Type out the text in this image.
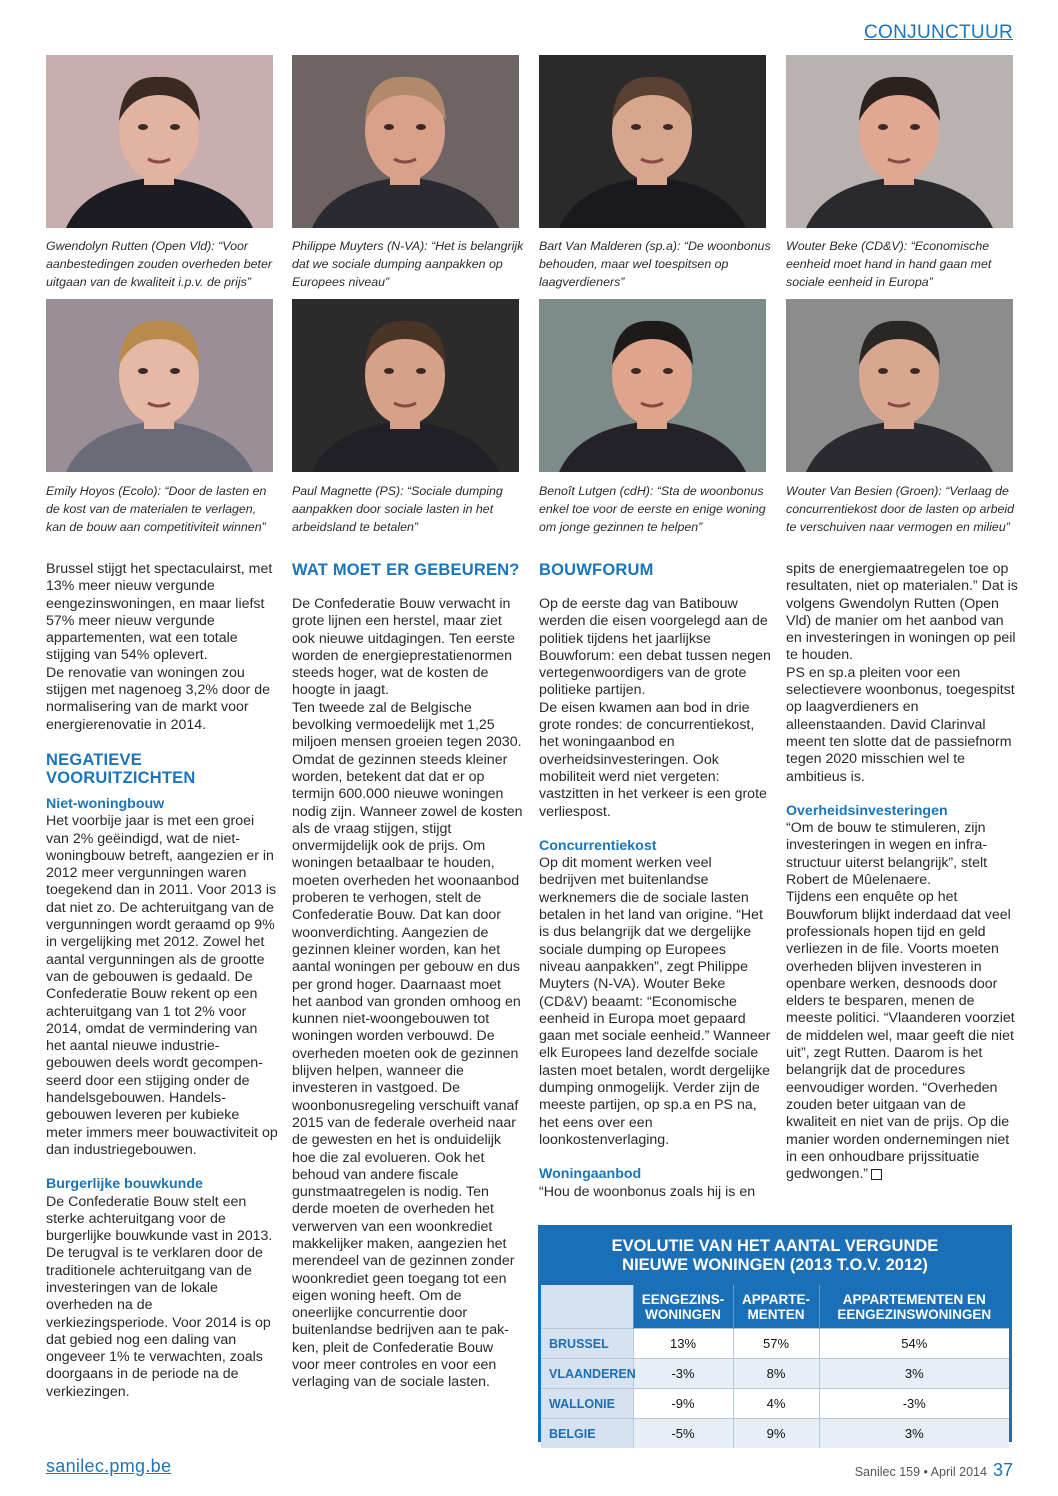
CONJUNCTUUR
Gwendolyn Rutten (Open Vld): “Voor aanbestedingen zouden overheden beter uitgaan van de kwaliteit i.p.v. de prijs”
Philippe Muyters (N-VA): “Het is belangrijk dat we sociale dumping aanpakken op Europees niveau”
Bart Van Malderen (sp.a): “De woonbonus behouden, maar wel toespitsen op laagverdieners”
Wouter Beke (CD&V): “Economische eenheid moet hand in hand gaan met sociale eenheid in Europa”
Emily Hoyos (Ecolo): “Door de lasten en de kost van de materialen te verlagen, kan de bouw aan competitiviteit winnen”
Paul Magnette (PS): “Sociale dumping aanpakken door sociale lasten in het arbeidsland te betalen”
Benoît Lutgen (cdH): “Sta de woonbonus enkel toe voor de eerste en enige woning om jonge gezinnen te helpen”
Wouter Van Besien (Groen): “Verlaag de concurrentiekost door de lasten op arbeid te verschuiven naar vermogen en milieu”

Brussel stijgt het spectaculairst, met 13% meer nieuw vergunde eengezinswoningen, en maar liefst 57% meer nieuw vergunde appartementen, wat een totale stijging van 54% oplevert.

De renovatie van woningen zou stijgen met nagenoeg 3,2% door de normalisering van de markt voor energierenovatie in 2014.

NEGATIEVE VOORUITZICHTEN
Niet-woningbouw

Het voorbije jaar is met een groei van 2% geëindigd, wat de niet-woningbouw betreft, aangezien er in 2012 meer vergunningen waren toegekend dan in 2011. Voor 2013 is dat niet zo. De achteruitgang van de vergunningen wordt geraamd op 9% in vergelijking met 2012. Zowel het aantal vergunningen als de grootte van de gebouwen is gedaald. De Confederatie Bouw rekent op een achteruitgang van 1 tot 2% voor 2014, omdat de vermindering van het aantal nieuwe industrie-gebouwen deels wordt gecompen-seerd door een stijging onder de handelsgebouwen. Handels-gebouwen leveren per kubieke meter immers meer bouwactiviteit op dan industriegebouwen.

Burgerlijke bouwkunde

De Confederatie Bouw stelt een sterke achteruitgang voor de burgerlijke bouwkunde vast in 2013. De terugval is te verklaren door de traditionele achteruitgang van de investeringen van de lokale overheden na de verkiezingsperiode. Voor 2014 is op dat gebied nog een daling van ongeveer 1% te verwachten, zoals doorgaans in de periode na de verkiezingen.

WAT MOET ER GEBEUREN?

De Confederatie Bouw verwacht in grote lijnen een herstel, maar ziet ook nieuwe uitdagingen. Ten eerste worden de energieprestatienormen steeds hoger, wat de kosten de hoogte in jaagt.

Ten tweede zal de Belgische bevolking vermoedelijk met 1,25 miljoen mensen groeien tegen 2030. Omdat de gezinnen steeds kleiner worden, betekent dat dat er op termijn 600.000 nieuwe woningen nodig zijn. Wanneer zowel de kosten als de vraag stijgen, stijgt onvermijdelijk ook de prijs. Om woningen betaalbaar te houden, moeten overheden het woonaanbod proberen te verhogen, stelt de Confederatie Bouw. Dat kan door woonverdichting. Aangezien de gezinnen kleiner worden, kan het aantal woningen per gebouw en dus per grond hoger. Daarnaast moet het aanbod van gronden omhoog en kunnen niet-woongebouwen tot woningen worden verbouwd. De overheden moeten ook de gezinnen blijven helpen, wanneer die investeren in vastgoed. De woonbonusregeling verschuift vanaf 2015 van de federale overheid naar de gewesten en het is onduidelijk hoe die zal evolueren. Ook het behoud van andere fiscale gunstmaatregelen is nodig. Ten derde moeten de overheden het verwerven van een woonkrediet makkelijker maken, aangezien het merendeel van de gezinnen zonder woonkrediet geen toegang tot een eigen woning heeft. Om de oneerlijke concurrentie door buitenlandse bedrijven aan te pak-ken, pleit de Confederatie Bouw voor meer controles en voor een verlaging van de sociale lasten.

BOUWFORUM

Op de eerste dag van Batibouw werden die eisen voorgelegd aan de politiek tijdens het jaarlijkse Bouwforum: een debat tussen negen vertegenwoordigers van de grote politieke partijen.

De eisen kwamen aan bod in drie grote rondes: de concurrentiekost, het woningaanbod en overheidsinvesteringen. Ook mobiliteit werd niet vergeten: vastzitten in het verkeer is een grote verliespost.

Concurrentiekost

Op dit moment werken veel bedrijven met buitenlandse werknemers die de sociale lasten betalen in het land van origine. “Het is dus belangrijk dat we dergelijke sociale dumping op Europees niveau aanpakken”, zegt Philippe Muyters (N-VA). Wouter Beke (CD&V) beaamt: “Economische eenheid in Europa moet gepaard gaan met sociale eenheid.” Wanneer elk Europees land dezelfde sociale lasten moet betalen, wordt dergelijke dumping onmogelijk. Verder zijn de meeste partijen, op sp.a en PS na, het eens over een loonkostenverlaging.

Woningaanbod

“Hou de woonbonus zoals hij is en

spits de energiemaatregelen toe op resultaten, niet op materialen.” Dat is volgens Gwendolyn Rutten (Open Vld) de manier om het aanbod van en investeringen in woningen op peil te houden.

PS en sp.a pleiten voor een selectievere woonbonus, toegespitst op laagverdieners en alleenstaanden. David Clarinval meent ten slotte dat de passiefnorm tegen 2020 misschien wel te ambitieus is.

Overheidsinvesteringen

“Om de bouw te stimuleren, zijn investeringen in wegen en infra-structuur uiterst belangrijk”, stelt Robert de Mûelenaere.

Tijdens een enquête op het Bouwforum blijkt inderdaad dat veel professionals hopen tijd en geld verliezen in de file. Voorts moeten overheden blijven investeren in openbare werken, desnoods door elders te besparen, menen de meeste politici. “Vlaanderen voorziet de middelen wel, maar geeft die niet uit”, zegt Rutten. Daarom is het belangrijk dat de procedures eenvoudiger worden. “Overheden zouden beter uitgaan van de kwaliteit en niet van de prijs. Op die manier worden ondernemingen niet in een onhoudbare prijssituatie gedwongen.”

EVOLUTIE VAN HET AANTAL VERGUNDE
NIEUWE WONINGEN (2013 T.O.V. 2012)
	EENGEZINS-WONINGEN	APPARTE-MENTEN	APPARTEMENTEN EN EENGEZINSWONINGEN
BRUSSEL	13%	57%	54%
VLAANDEREN	-3%	8%	3%
WALLONIE	-9%	4%	-3%
BELGIE	-5%	9%	3%
sanilec.pmg.be	Sanilec 159 • April 2014 37
